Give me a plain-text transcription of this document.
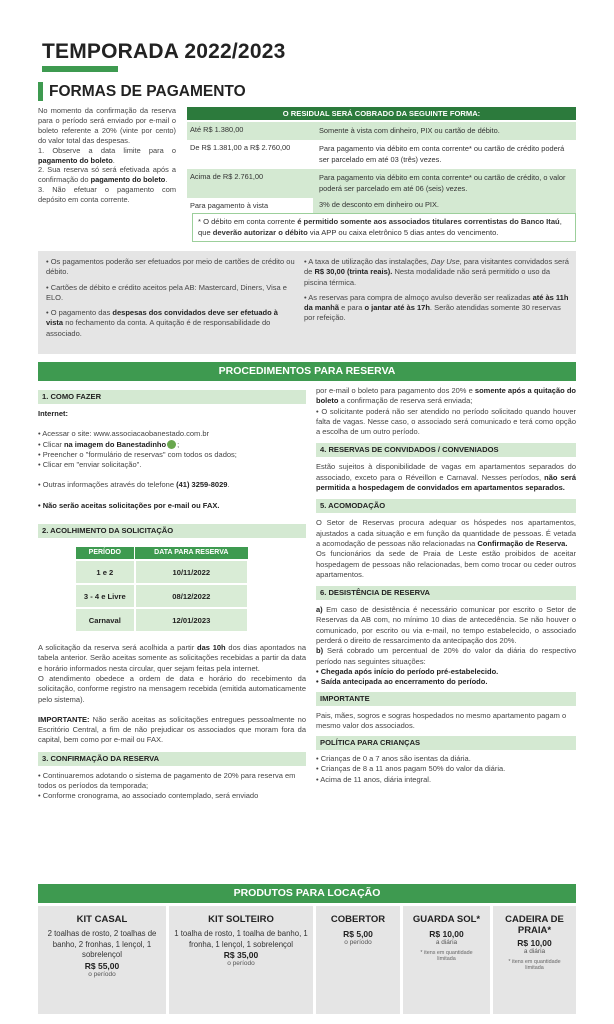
TEMPORADA 2022/2023
FORMAS DE PAGAMENTO

No momento da confirmação da reserva para o período será enviado por e-mail o boleto referente a 20% (vinte por cento) do valor total das despesas.

1. Observe a data limite para o pagamento do boleto.

2. Sua reserva só será efetivada após a confirmação do pagamento do boleto.

3. Não efetuar o pagamento com depósito em conta corrente.

O RESIDUAL SERÁ COBRADO DA SEGUINTE FORMA:
Até R$ 1.380,00	Somente à vista com dinheiro, PIX ou cartão de débito.
De R$ 1.381,00 a R$ 2.760,00	Para pagamento via débito em conta corrente* ou cartão de crédito poderá ser parcelado em até 03 (três) vezes.
Acima de R$ 2.761,00	Para pagamento via débito em conta corrente* ou cartão de crédito, o valor poderá ser parcelado em até 06 (seis) vezes.
Para pagamento à vista	3% de desconto em dinheiro ou PIX.
* O débito em conta corrente é permitido somente aos associados titulares correntistas do Banco Itaú, que deverão autorizar o débito via APP ou caixa eletrônico 5 dias antes do vencimento.

• Os pagamentos poderão ser efetuados por meio de cartões de crédito ou débito.

• Cartões de débito e crédito aceitos pela AB: Mastercard, Diners, Visa e ELO.

• O pagamento das despesas dos convidados deve ser efetuado à vista no fechamento da conta. A quitação é de responsabilidade do associado.

• A taxa de utilização das instalações, Day Use, para visitantes convidados será de R$ 30,00 (trinta reais). Nesta modalidade não será permitido o uso da piscina térmica.

• As reservas para compra de almoço avulso deverão ser realizadas até às 11h da manhã e para o jantar até às 17h. Serão atendidas somente 30 reservas por refeição.

PROCEDIMENTOS PARA RESERVA
1. COMO FAZER

Internet:

• Acessar o site: www.associacaobanestado.com.br

• Clicar na imagem do Banestadinho ;

• Preencher o "formulário de reservas" com todos os dados;

• Clicar em "enviar solicitação".

• Outras informações através do telefone (41) 3259-8029.

• Não serão aceitas solicitações por e-mail ou FAX.

2. ACOLHIMENTO DA SOLICITAÇÃO
PERÍODO	DATA PARA RESERVA
1 e 2	10/11/2022
3 - 4 e Livre	08/12/2022
Carnaval	12/01/2023

A solicitação da reserva será acolhida a partir das 10h dos dias apontados na tabela anterior. Serão aceitas somente as solicitações recebidas a partir da data e horário informados nesta circular, quer sejam feitas pela internet.

O atendimento obedece a ordem de data e horário do recebimento da solicitação, conforme registro na mensagem recebida (emitida automaticamente pelo sistema).

IMPORTANTE: Não serão aceitas as solicitações entregues pessoalmente no Escritório Central, a fim de não prejudicar os associados que moram fora da capital, bem como por e-mail ou FAX.

3. CONFIRMAÇÃO DA RESERVA

• Continuaremos adotando o sistema de pagamento de 20% para reserva em todos os períodos da temporada;

• Conforme cronograma, ao associado contemplado, será enviado

por e-mail o boleto para pagamento dos 20% e somente após a quitação do boleto a confirmação de reserva será enviada;

• O solicitante poderá não ser atendido no período solicitado quando houver falta de vagas. Nesse caso, o associado será comunicado e terá como opção a escolha de um outro período.

4. RESERVAS DE CONVIDADOS / CONVENIADOS
Estão sujeitos à disponibilidade de vagas em apartamentos separados do associado, exceto para o Réveillon e Carnaval. Nesses períodos, não será permitida a hospedagem de convidados em apartamentos separados.
5. ACOMODAÇÃO

O Setor de Reservas procura adequar os hóspedes nos apartamentos, ajustados a cada situação e em função da quantidade de pessoas. É vetada a acomodação de pessoas não relacionadas na Confirmação de Reserva.

Os funcionários da sede de Praia de Leste estão proibidos de aceitar hospedagem de pessoas não relacionadas, bem como trocar ou ceder outros apartamentos.

6. DESISTÊNCIA DE RESERVA

a) Em caso de desistência é necessário comunicar por escrito o Setor de Reservas da AB com, no mínimo 10 dias de antecedência. Se não houver o comunicado, por escrito ou via e-mail, no tempo estabelecido, o associado perderá o direito de ressarcimento da antecipação dos 20%.

b) Será cobrado um percentual de 20% do valor da diária do respectivo período nas seguintes situações:

• Chegada após início do período pré-estabelecido.

• Saída antecipada ao encerramento do período.

IMPORTANTE
Pais, mães, sogros e sogras hospedados no mesmo apartamento pagam o mesmo valor dos associados.
POLÍTICA PARA CRIANÇAS

• Crianças de 0 a 7 anos são isentas da diária.

• Crianças de 8 a 11 anos pagam 50% do valor da diária.

• Acima de 11 anos, diária integral.

PRODUTOS PARA LOCAÇÃO
KIT CASAL
2 toalhas de rosto, 2 toalhas de banho, 2 fronhas, 1 lençol, 1 sobrelençol
R$ 55,00
o período
KIT SOLTEIRO
1 toalha de rosto, 1 toalha de banho, 1 fronha, 1 lençol, 1 sobrelençol
R$ 35,00
o período
COBERTOR
R$ 5,00
o período
GUARDA SOL*
R$ 10,00
a diária
* itens em quantidade limitada
CADEIRA DE PRAIA*
R$ 10,00
a diária
* itens em quantidade limitada
